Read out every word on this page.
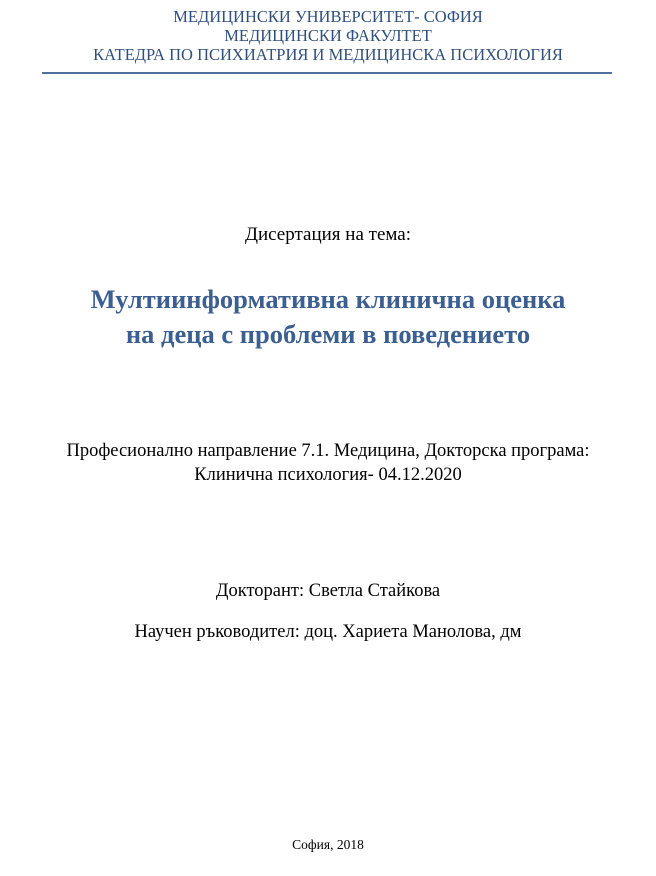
МЕДИЦИНСКИ УНИВЕРСИТЕТ- СОФИЯ
МЕДИЦИНСКИ ФАКУЛТЕТ
КАТЕДРА ПО ПСИХИАТРИЯ И МЕДИЦИНСКА ПСИХОЛОГИЯ
Дисертация на тема:
Мултиинформативна клинична оценка
на деца с проблеми в поведението
Професионално направление 7.1. Медицина, Докторска програма:
Клинична психология- 04.12.2020
Докторант: Светла Стайкова
Научен ръководител: доц. Хариета Манолова, дм
София, 2018
